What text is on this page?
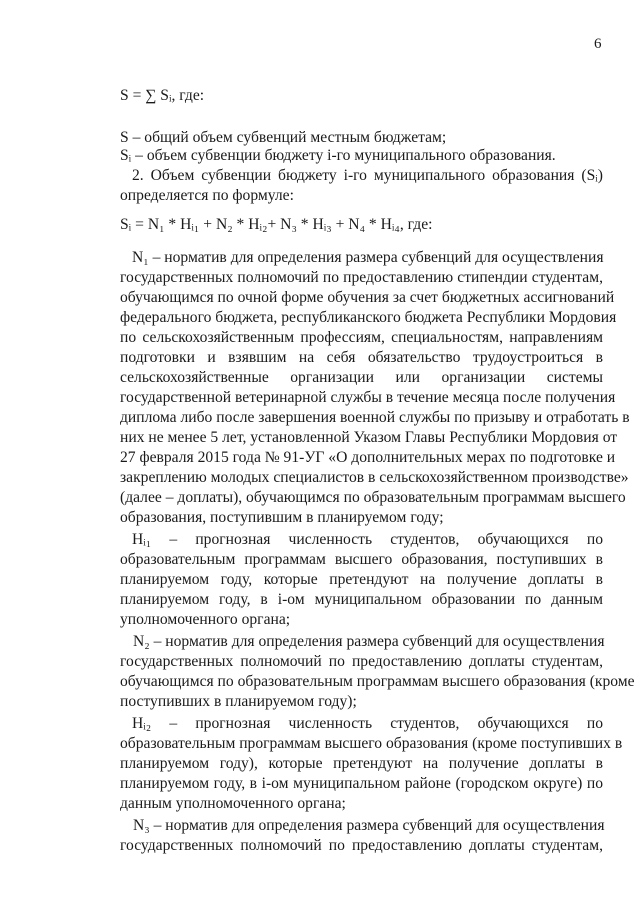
6
S = ∑ Sᵢ, где:
S – общий объем субвенций местным бюджетам;
Sᵢ – объем субвенции бюджету i-го муниципального образования.
2. Объем субвенции бюджету i-го муниципального образования (Sᵢ)
определяется по формуле:
Sᵢ = N₁ * Hᵢ₁ + N₂ * Hᵢ₂+ N₃ * Hᵢ₃ + N₄ * Hᵢ₄, где:
N₁ – норматив для определения размера субвенций для осуществления
государственных полномочий по предоставлению стипендии студентам,
обучающимся по очной форме обучения за счет бюджетных ассигнований
федерального бюджета, республиканского бюджета Республики Мордовия
по сельскохозяйственным профессиям, специальностям, направлениям
подготовки и взявшим на себя обязательство трудоустроиться в
сельскохозяйственные организации или организации системы
государственной ветеринарной службы в течение месяца после получения
диплома либо после завершения военной службы по призыву и отработать в
них не менее 5 лет, установленной Указом Главы Республики Мордовия от
27 февраля 2015 года № 91-УГ «О дополнительных мерах по подготовке и
закреплению молодых специалистов в сельскохозяйственном производстве»
(далее – доплаты), обучающимся по образовательным программам высшего
образования, поступившим в планируемом году;
Hᵢ₁ – прогнозная численность студентов, обучающихся по
образовательным программам высшего образования, поступивших в
планируемом году, которые претендуют на получение доплаты в
планируемом году, в i-ом муниципальном образовании по данным
уполномоченного органа;
N₂ – норматив для определения размера субвенций для осуществления
государственных полномочий по предоставлению доплаты студентам,
обучающимся по образовательным программам высшего образования (кроме
поступивших в планируемом году);
Hᵢ₂ – прогнозная численность студентов, обучающихся по
образовательным программам высшего образования (кроме поступивших в
планируемом году), которые претендуют на получение доплаты в
планируемом году, в i-ом муниципальном районе (городском округе) по
данным уполномоченного органа;
N₃ – норматив для определения размера субвенций для осуществления
государственных полномочий по предоставлению доплаты студентам,
